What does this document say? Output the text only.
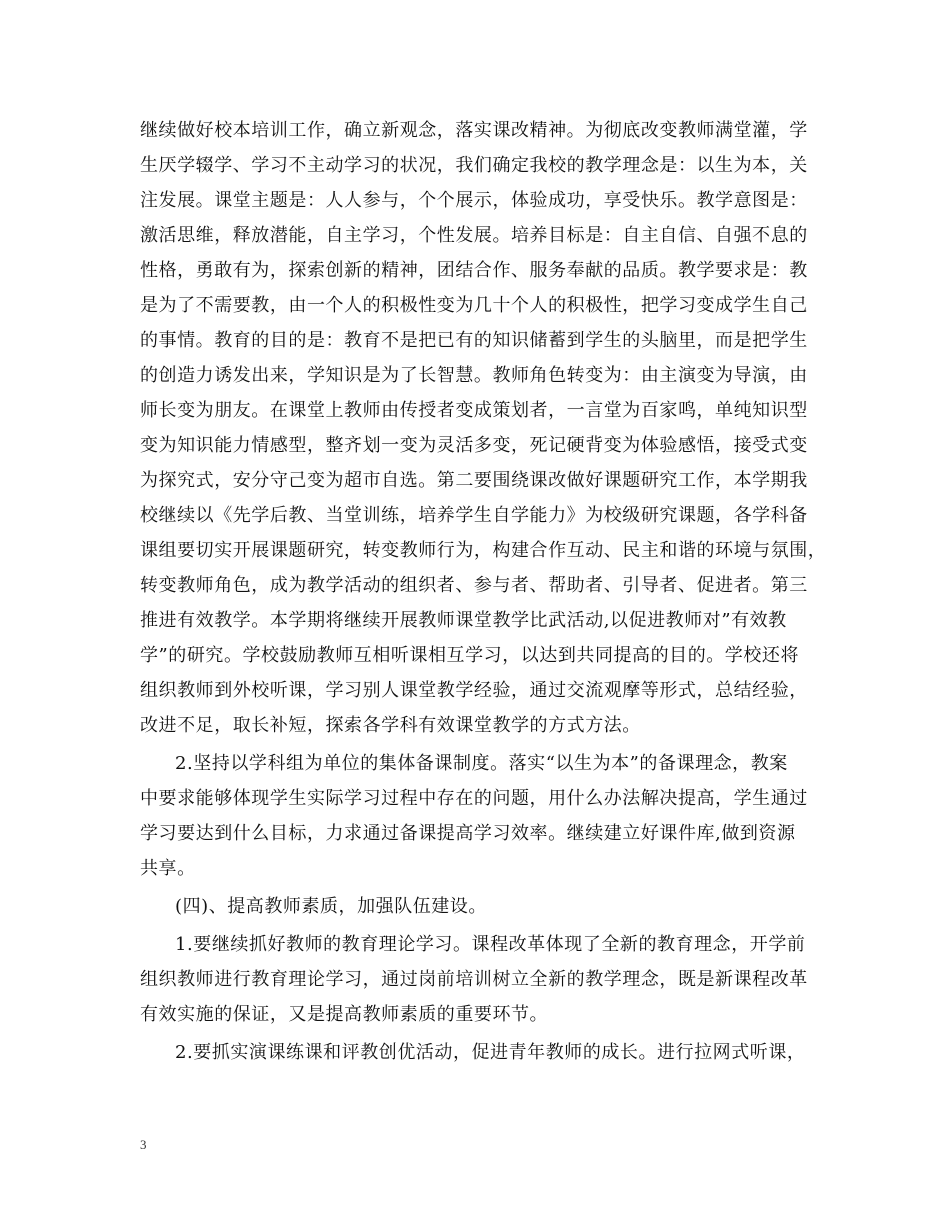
继续做好校本培训工作，确立新观念，落实课改精神。为彻底改变教师满堂灌，学
生厌学辍学、学习不主动学习的状况，我们确定我校的教学理念是：以生为本，关
注发展。课堂主题是：人人参与，个个展示，体验成功，享受快乐。教学意图是：
激活思维，释放潜能，自主学习，个性发展。培养目标是：自主自信、自强不息的
性格，勇敢有为，探索创新的精神，团结合作、服务奉献的品质。教学要求是：教
是为了不需要教，由一个人的积极性变为几十个人的积极性，把学习变成学生自己
的事情。教育的目的是：教育不是把已有的知识储蓄到学生的头脑里，而是把学生
的创造力诱发出来，学知识是为了长智慧。教师角色转变为：由主演变为导演，由
师长变为朋友。在课堂上教师由传授者变成策划者，一言堂为百家鸣，单纯知识型
变为知识能力情感型，整齐划一变为灵活多变，死记硬背变为体验感悟，接受式变
为探究式，安分守己变为超市自选。第二要围绕课改做好课题研究工作，本学期我
校继续以《先学后教、当堂训练，培养学生自学能力》为校级研究课题，各学科备
课组要切实开展课题研究，转变教师行为，构建合作互动、民主和谐的环境与氛围，
转变教师角色，成为教学活动的组织者、参与者、帮助者、引导者、促进者。第三
推进有效教学。本学期将继续开展教师课堂教学比武活动,以促进教师对”有效教
学”的研究。学校鼓励教师互相听课相互学习，以达到共同提高的目的。学校还将
组织教师到外校听课，学习别人课堂教学经验，通过交流观摩等形式，总结经验，
改进不足，取长补短，探索各学科有效课堂教学的方式方法。
2.坚持以学科组为单位的集体备课制度。落实“以生为本”的备课理念，教案
中要求能够体现学生实际学习过程中存在的问题，用什么办法解决提高，学生通过
学习要达到什么目标，力求通过备课提高学习效率。继续建立好课件库,做到资源
共享。
(四)、提高教师素质，加强队伍建设。
1.要继续抓好教师的教育理论学习。课程改革体现了全新的教育理念，开学前
组织教师进行教育理论学习，通过岗前培训树立全新的教学理念，既是新课程改革
有效实施的保证，又是提高教师素质的重要环节。
2.要抓实演课练课和评教创优活动，促进青年教师的成长。进行拉网式听课，
3
